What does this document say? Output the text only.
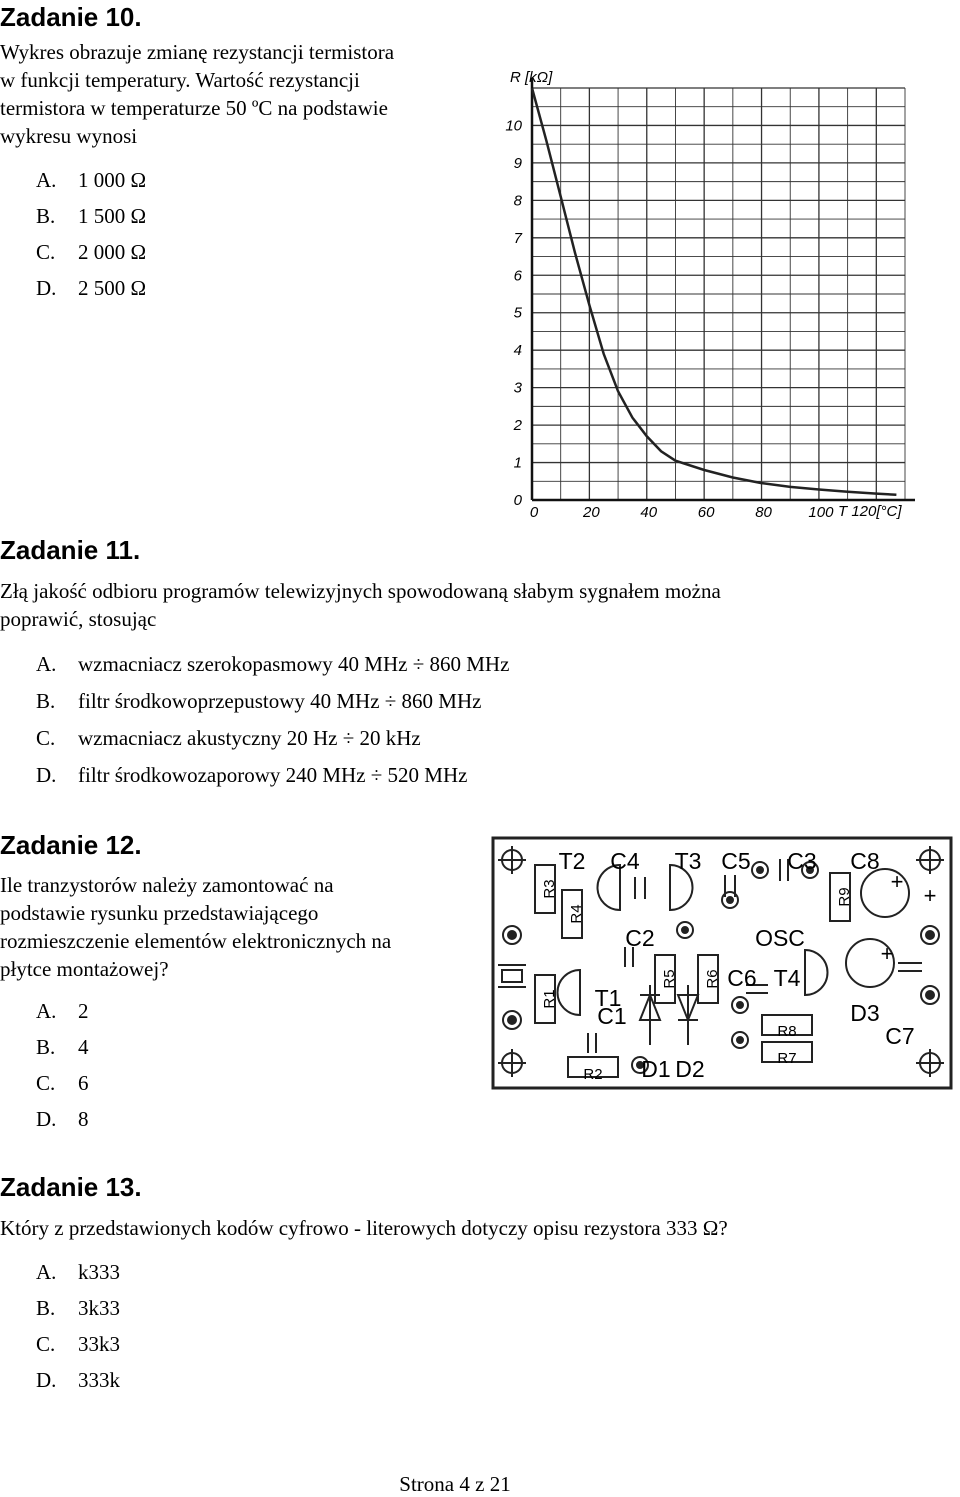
Zadanie 10.

Wykres obrazuje zmianę rezystancji termistora

w funkcji temperatury. Wartość rezystancji

termistora w temperaturze 50 ºC na podstawie

wykresu wynosi

A. 1 000 Ω

B. 1 500 Ω

C. 2 000 Ω

D. 2 500 Ω

0
1
2
3
4
5
6
7
8
9
10
0	20	40	60	80 100
R [kΩ]
T 120[°C]
Zadanie 11.

Złą jakość odbioru programów telewizyjnych spowodowaną słabym sygnałem można

poprawić, stosując

A. wzmacniacz szerokopasmowy 40 MHz ÷ 860 MHz

B. filtr środkowoprzepustowy 40 MHz ÷ 860 MHz

C. wzmacniacz akustyczny 20 Hz ÷ 20 kHz

D. filtr środkowozaporowy 240 MHz ÷ 520 MHz

Zadanie 12.

Ile tranzystorów należy zamontować na

podstawie rysunku przedstawiającego

rozmieszczenie elementów elektronicznych na

płytce montażowej?

A. 2

B. 4

C. 6

D. 8

T2 C4 T3 C5 C3 C8
R3
R4
C2	OSC
R9
R1 T1
R5 R6 C6 T4
C1	D3
R8	C7
R7
R2 D1 D2
+
+
+
Zadanie 13.

Który z przedstawionych kodów cyfrowo - literowych dotyczy opisu rezystora 333 Ω?

A. k333

B. 3k33

C. 33k3

D. 333k

Strona 4 z 21
